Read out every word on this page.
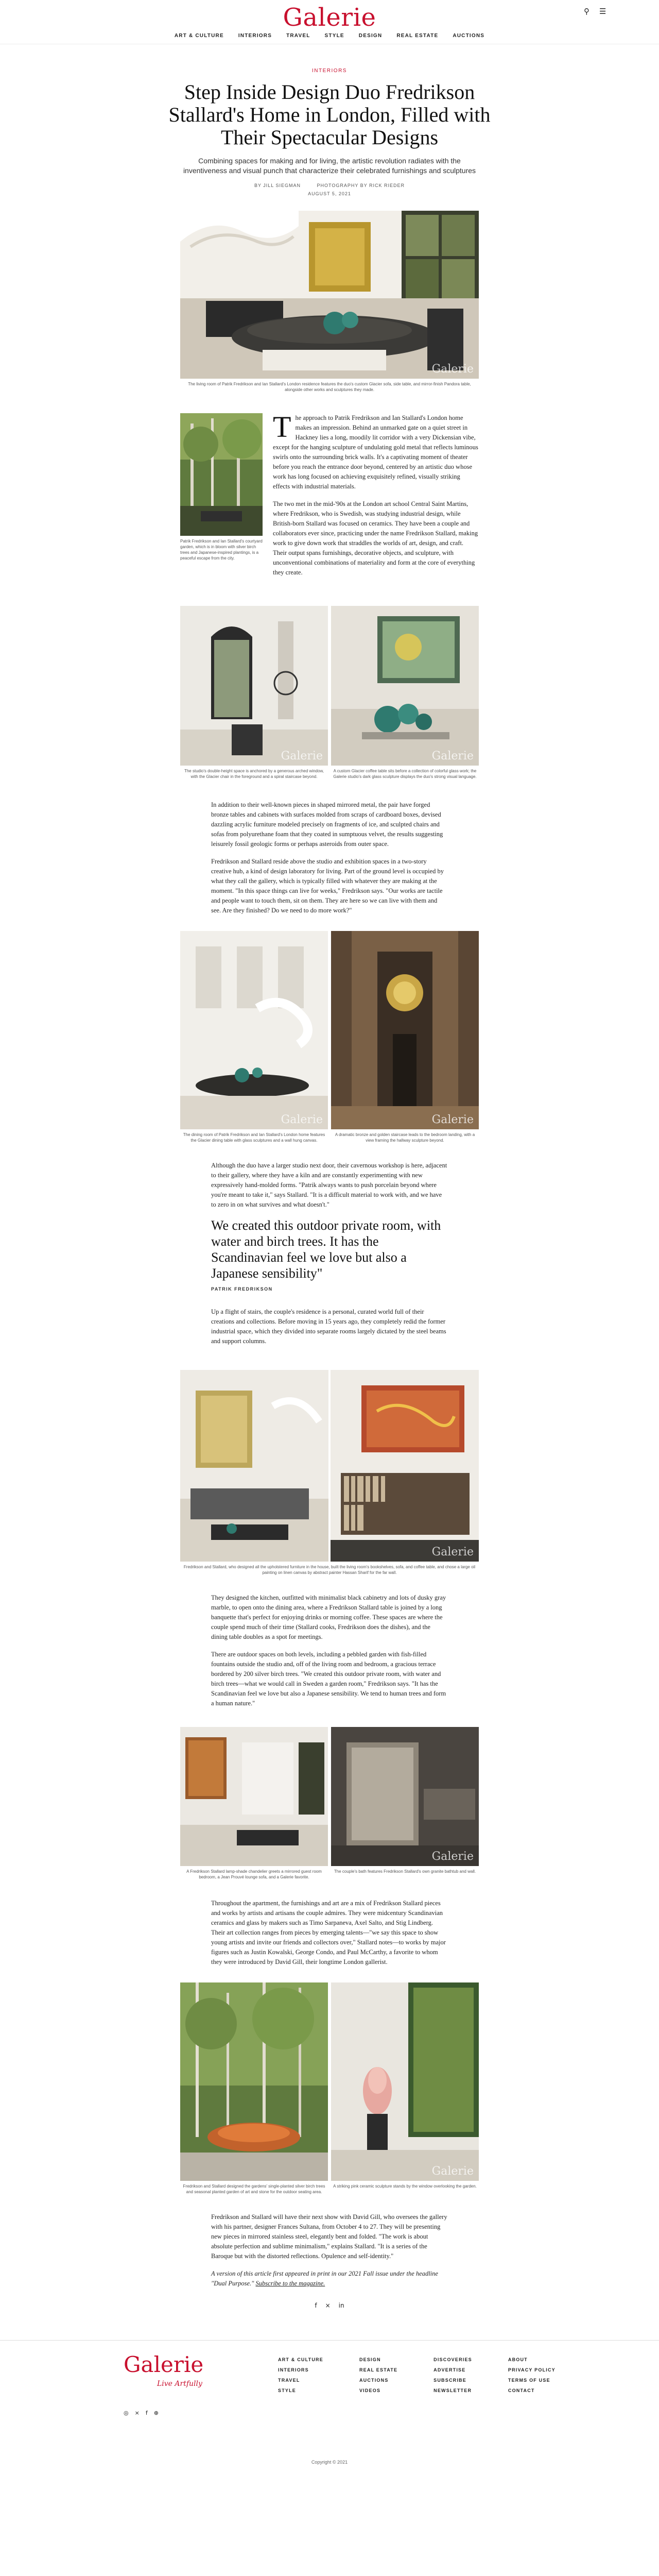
Galerie	⚲	☰
ART & CULTURE	INTERIORS	TRAVEL	STYLE	DESIGN	REAL ESTATE	AUCTIONS
INTERIORS
Step Inside Design Duo Fredrikson Stallard's Home in London, Filled with Their Spectacular Designs
Combining spaces for making and for living, the artistic revolution radiates with the inventiveness and visual punch that characterize their celebrated furnishings and sculptures
BY JILL SIEGMAN	PHOTOGRAPHY BY RICK RIEDER
AUGUST 5, 2021
Galerie
The living room of Patrik Fredrikson and Ian Stallard's London residence features the duo's custom Glacier sofa, side table, and mirror-finish Pandora table, alongside other works and sculptures they made.
Patrik Fredrikson and Ian Stallard's courtyard garden, which is in bloom with silver birch trees and Japanese-inspired plantings, is a peaceful escape from the city.

The approach to Patrik Fredrikson and Ian Stallard's London home makes an impression. Behind an unmarked gate on a quiet street in Hackney lies a long, moodily lit corridor with a very Dickensian vibe, except for the hanging sculpture of undulating gold metal that reflects luminous swirls onto the surrounding brick walls. It's a captivating moment of theater before you reach the entrance door beyond, centered by an artistic duo whose work has long focused on achieving exquisitely refined, visually striking effects with industrial materials.

The two met in the mid-'90s at the London art school Central Saint Martins, where Fredrikson, who is Swedish, was studying industrial design, while British-born Stallard was focused on ceramics. They have been a couple and collaborators ever since, practicing under the name Fredrikson Stallard, making work to give down work that straddles the worlds of art, design, and craft. Their output spans furnishings, decorative objects, and sculpture, with unconventional combinations of materiality and form at the core of everything they create.

Galerie
The studio's double-height space is anchored by a generous arched window, with the Glacier chair in the foreground and a spiral staircase beyond.
Galerie
A custom Glacier coffee table sits before a collection of colorful glass work; the Galerie studio's dark glass sculpture displays the duo's strong visual language.

In addition to their well-known pieces in shaped mirrored metal, the pair have forged bronze tables and cabinets with surfaces molded from scraps of cardboard boxes, devised dazzling acrylic furniture modeled precisely on fragments of ice, and sculpted chairs and sofas from polyurethane foam that they coated in sumptuous velvet, the results suggesting leisurely fossil geologic forms or perhaps asteroids from outer space.

Fredrikson and Stallard reside above the studio and exhibition spaces in a two-story creative hub, a kind of design laboratory for living. Part of the ground level is occupied by what they call the gallery, which is typically filled with whatever they are making at the moment. "In this space things can live for weeks," Fredrikson says. "Our works are tactile and people want to touch them, sit on them. They are here so we can live with them and see. Are they finished? Do we need to do more work?"

Galerie
The dining room of Patrik Fredrikson and Ian Stallard's London home features the Glacier dining table with glass sculptures and a wall hung canvas.
Galerie
A dramatic bronze and golden staircase leads to the bedroom landing, with a view framing the hallway sculpture beyond.

Although the duo have a larger studio next door, their cavernous workshop is here, adjacent to their gallery, where they have a kiln and are constantly experimenting with new expressively hand-molded forms. "Patrik always wants to push porcelain beyond where you're meant to take it," says Stallard. "It is a difficult material to work with, and we have to zero in on what survives and what doesn't."

We created this outdoor private room, with water and birch trees. It has the Scandinavian feel we love but also a Japanese sensibility"
PATRIK FREDRIKSON

Up a flight of stairs, the couple's residence is a personal, curated world full of their creations and collections. Before moving in 15 years ago, they completely redid the former industrial space, which they divided into separate rooms largely dictated by the steel beams and support columns.

Galerie
Fredrikson and Stallard, who designed all the upholstered furniture in the house, built the living room's bookshelves, sofa, and coffee table, and chose a large oil painting on linen canvas by abstract painter Hassan Sharif for the far wall.

They designed the kitchen, outfitted with minimalist black cabinetry and lots of dusky gray marble, to open onto the dining area, where a Fredrikson Stallard table is joined by a long banquette that's perfect for enjoying drinks or morning coffee. These spaces are where the couple spend much of their time (Stallard cooks, Fredrikson does the dishes), and the dining table doubles as a spot for meetings.

There are outdoor spaces on both levels, including a pebbled garden with fish-filled fountains outside the studio and, off of the living room and bedroom, a gracious terrace bordered by 200 silver birch trees. "We created this outdoor private room, with water and birch trees—what we would call in Sweden a garden room," Fredrikson says. "It has the Scandinavian feel we love but also a Japanese sensibility. We tend to human trees and form a human nature."

A Fredrikson Stallard lamp-shade chandelier greets a mirrored guest room bedroom, a Jean Prouvé lounge sofa, and a Galerie favorite.
Galerie
The couple's bath features Fredrikson Stallard's own granite bathtub and wall.

Throughout the apartment, the furnishings and art are a mix of Fredrikson Stallard pieces and works by artists and artisans the couple admires. They were midcentury Scandinavian ceramics and glass by makers such as Timo Sarpaneva, Axel Salto, and Stig Lindberg. Their art collection ranges from pieces by emerging talents—"we say this space to show young artists and invite our friends and collectors over," Stallard notes—to works by major figures such as Justin Kowalski, George Condo, and Paul McCarthy, a favorite to whom they were introduced by David Gill, their longtime London gallerist.

Fredrikson and Stallard designed the gardens' single-planted silver birch trees and seasonal planted garden of art and stone for the outdoor seating area.
Galerie
A striking pink ceramic sculpture stands by the window overlooking the garden.

Fredrikson and Stallard will have their next show with David Gill, who oversees the gallery with his partner, designer Frances Sultana, from October 4 to 27. They will be presenting new pieces in mirrored stainless steel, elegantly bent and folded. "The work is about absolute perfection and sublime minimalism," explains Stallard. "It is a series of the Baroque but with the distorted reflections. Opulence and self-identity."

A version of this article first appeared in print in our 2021 Fall issue under the headline "Dual Purpose." Subscribe to the magazine.

f × in
Galerie
Live Artfully
◎ × f ⊕
ART & CULTURE
INTERIORS
TRAVEL
STYLE
DESIGN
REAL ESTATE
AUCTIONS
VIDEOS
DISCOVERIES
ADVERTISE
SUBSCRIBE
NEWSLETTER
ABOUT
PRIVACY POLICY
TERMS OF USE
CONTACT
Copyright © 2021
